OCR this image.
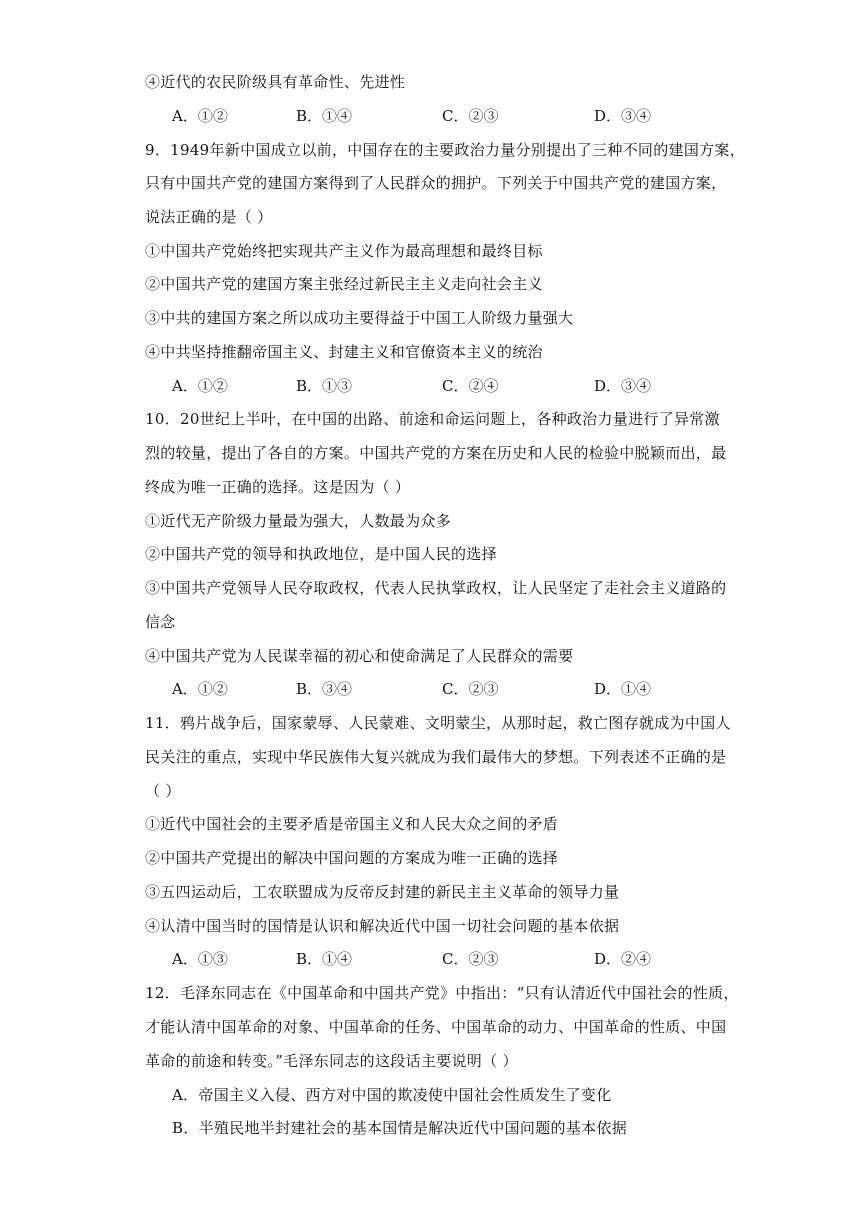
④近代的农民阶级具有革命性、先进性
A．①②	B．①④	C．②③	D．③④
9．1949年新中国成立以前，中国存在的主要政治力量分别提出了三种不同的建国方案，
只有中国共产党的建国方案得到了人民群众的拥护。下列关于中国共产党的建国方案，
说法正确的是（ ）
①中国共产党始终把实现共产主义作为最高理想和最终目标
②中国共产党的建国方案主张经过新民主主义走向社会主义
③中共的建国方案之所以成功主要得益于中国工人阶级力量强大
④中共坚持推翻帝国主义、封建主义和官僚资本主义的统治
A．①②	B．①③	C．②④	D．③④
10．20世纪上半叶，在中国的出路、前途和命运问题上，各种政治力量进行了异常激
烈的较量，提出了各自的方案。中国共产党的方案在历史和人民的检验中脱颖而出，最
终成为唯一正确的选择。这是因为（ ）
①近代无产阶级力量最为强大，人数最为众多
②中国共产党的领导和执政地位，是中国人民的选择
③中国共产党领导人民夺取政权，代表人民执掌政权，让人民坚定了走社会主义道路的
信念
④中国共产党为人民谋幸福的初心和使命满足了人民群众的需要
A．①②	B．③④	C．②③	D．①④
11．鸦片战争后，国家蒙辱、人民蒙难、文明蒙尘，从那时起，救亡图存就成为中国人
民关注的重点，实现中华民族伟大复兴就成为我们最伟大的梦想。下列表述不正确的是
（ ）
①近代中国社会的主要矛盾是帝国主义和人民大众之间的矛盾
②中国共产党提出的解决中国问题的方案成为唯一正确的选择
③五四运动后，工农联盟成为反帝反封建的新民主主义革命的领导力量
④认清中国当时的国情是认识和解决近代中国一切社会问题的基本依据
A．①③	B．①④	C．②③	D．②④
12．毛泽东同志在《中国革命和中国共产党》中指出：“只有认清近代中国社会的性质，
才能认清中国革命的对象、中国革命的任务、中国革命的动力、中国革命的性质、中国
革命的前途和转变。”毛泽东同志的这段话主要说明（ ）
A．帝国主义入侵、西方对中国的欺凌使中国社会性质发生了变化
B．半殖民地半封建社会的基本国情是解决近代中国问题的基本依据
